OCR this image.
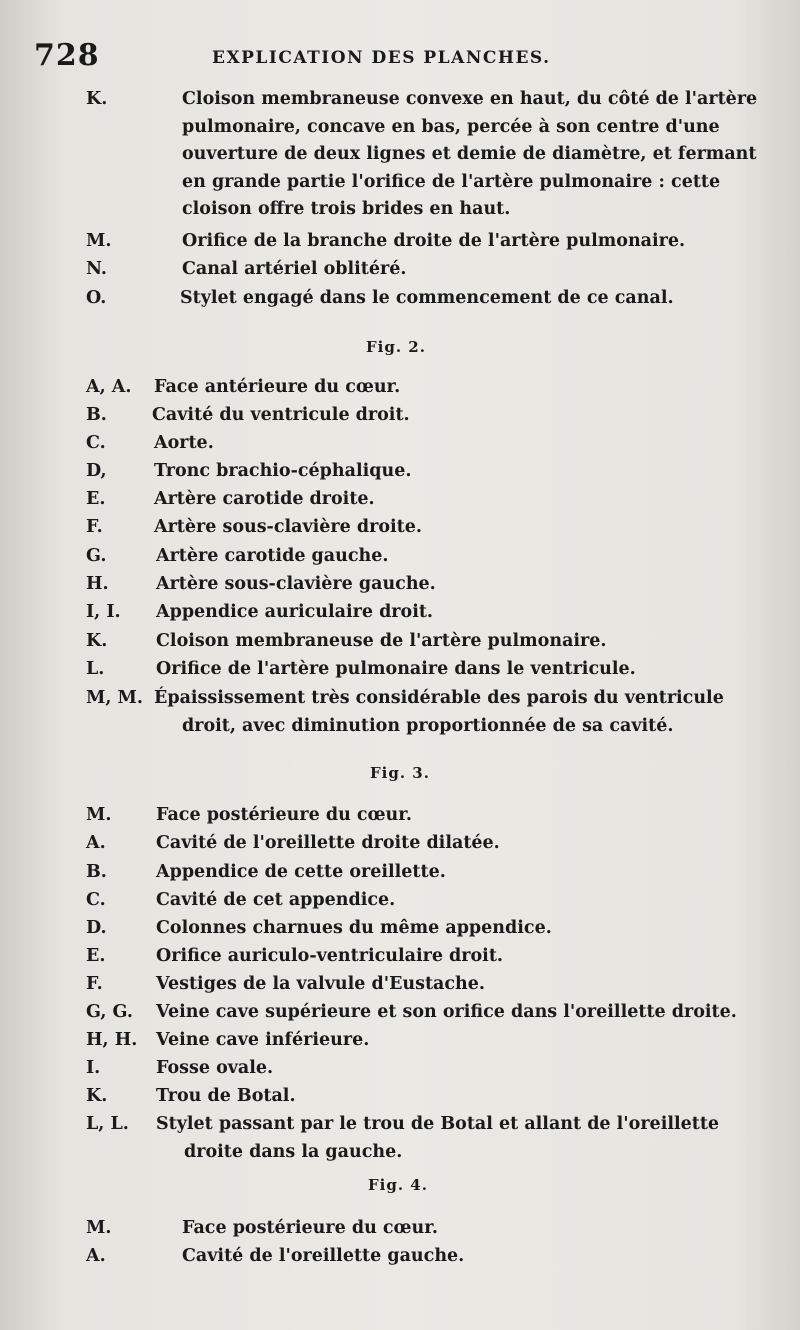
728	EXPLICATION DES PLANCHES.
K.	Cloison membraneuse convexe en haut, du côté de l'artère pulmonaire, concave en bas, percée à son centre d'une ouverture de deux lignes et demie de diamètre, et fermant en grande partie l'orifice de l'artère pulmonaire : cette cloison offre trois brides en haut.
M.	Orifice de la branche droite de l'artère pulmonaire.
N.	Canal artériel oblitéré.
O.	Stylet engagé dans le commencement de ce canal.
Fig. 2.
A, A. Face antérieure du cœur.
B.	Cavité du ventricule droit.
C.	Aorte.
D,	Tronc brachio-céphalique.
E.	Artère carotide droite.
F.	Artère sous-clavière droite.
G.	Artère carotide gauche.
H.	Artère sous-clavière gauche.
I, I. Appendice auriculaire droit.
K.	Cloison membraneuse de l'artère pulmonaire.
L.	Orifice de l'artère pulmonaire dans le ventricule.
M, M. Épaississement très considérable des parois du ventricule droit, avec diminution proportionnée de sa cavité.
Fig. 3.
M.	Face postérieure du cœur.
A.	Cavité de l'oreillette droite dilatée.
B.	Appendice de cette oreillette.
C.	Cavité de cet appendice.
D.	Colonnes charnues du même appendice.
E.	Orifice auriculo-ventriculaire droit.
F.	Vestiges de la valvule d'Eustache.
G, G. Veine cave supérieure et son orifice dans l'oreillette droite.
H, H. Veine cave inférieure.
I.	Fosse ovale.
K.	Trou de Botal.
L, L. Stylet passant par le trou de Botal et allant de l'oreillette droite dans la gauche.
Fig. 4.
M.	Face postérieure du cœur.
A.	Cavité de l'oreillette gauche.
